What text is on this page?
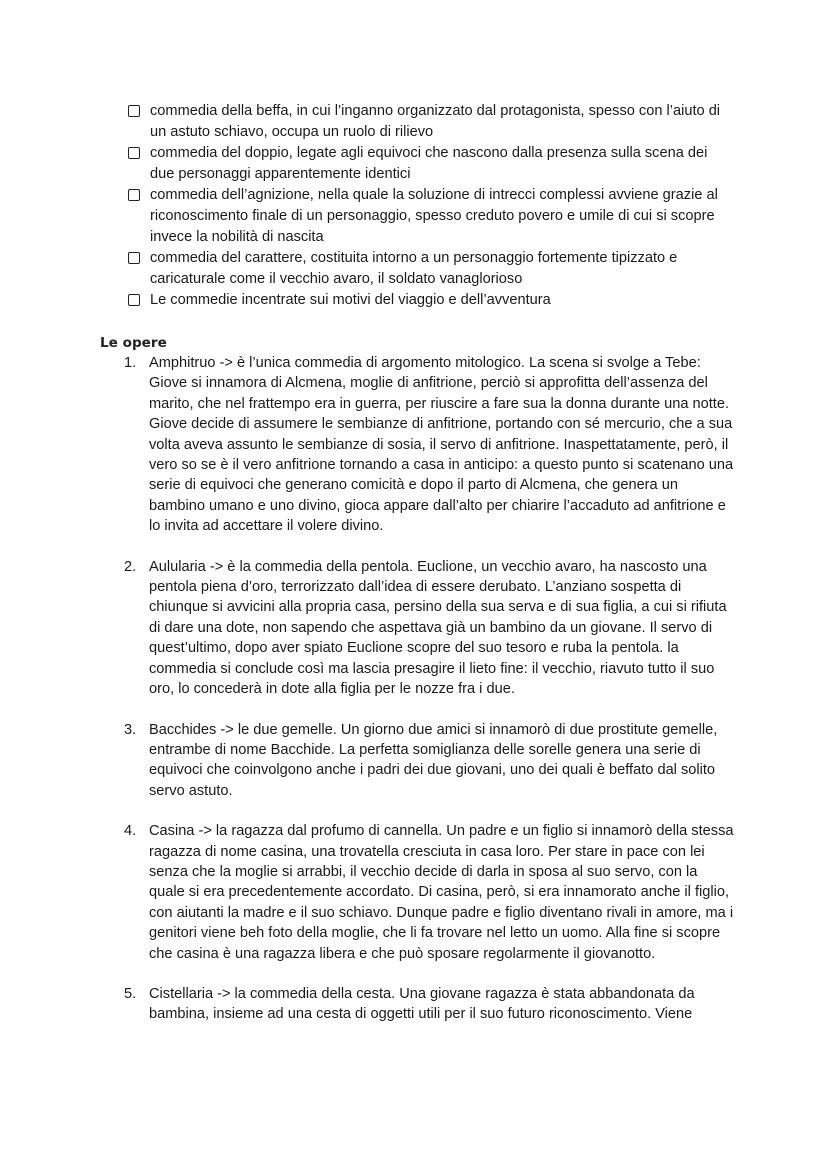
commedia della beffa, in cui l’inganno organizzato dal protagonista, spesso con l’aiuto di un astuto schiavo, occupa un ruolo di rilievo
commedia del doppio, legate agli equivoci che nascono dalla presenza sulla scena dei due personaggi apparentemente identici
commedia dell’agnizione, nella quale la soluzione di intrecci complessi avviene grazie al riconoscimento finale di un personaggio, spesso creduto povero e umile di cui si scopre invece la nobilità di nascita
commedia del carattere, costituita intorno a un personaggio fortemente tipizzato e caricaturale come il vecchio avaro, il soldato vanaglorioso
Le commedie incentrate sui motivi del viaggio e dell’avventura
Le opere
1. Amphitruo -> è l’unica commedia di argomento mitologico. La scena si svolge a Tebe: Giove si innamora di Alcmena, moglie di anfitrione, perciò si approfitta dell’assenza del marito, che nel frattempo era in guerra, per riuscire a fare sua la donna durante una notte. Giove decide di assumere le sembianze di anfitrione, portando con sé mercurio, che a sua volta aveva assunto le sembianze di sosia, il servo di anfitrione. Inaspettatamente, però, il vero so se è il vero anfitrione tornando a casa in anticipo: a questo punto si scatenano una serie di equivoci che generano comicità e dopo il parto di Alcmena, che genera un bambino umano e uno divino, gioca appare dall’alto per chiarire l’accaduto ad anfitrione e lo invita ad accettare il volere divino.
2. Aulularia -> è la commedia della pentola. Euclione, un vecchio avaro, ha nascosto una pentola piena d’oro, terrorizzato dall’idea di essere derubato. L’anziano sospetta di chiunque si avvicini alla propria casa, persino della sua serva e di sua figlia, a cui si rifiuta di dare una dote, non sapendo che aspettava già un bambino da un giovane. Il servo di quest’ultimo, dopo aver spiato Euclione scopre del suo tesoro e ruba la pentola. la commedia si conclude così ma lascia presagire il lieto fine: il vecchio, riavuto tutto il suo oro, lo concederà in dote alla figlia per le nozze fra i due.
3. Bacchides -> le due gemelle. Un giorno due amici si innamorò di due prostitute gemelle, entrambe di nome Bacchide. La perfetta somiglianza delle sorelle genera una serie di equivoci che coinvolgono anche i padri dei due giovani, uno dei quali è beffato dal solito servo astuto.
4. Casina -> la ragazza dal profumo di cannella. Un padre e un figlio si innamorò della stessa ragazza di nome casina, una trovatella cresciuta in casa loro. Per stare in pace con lei senza che la moglie si arrabbi, il vecchio decide di darla in sposa al suo servo, con la quale si era precedentemente accordato. Di casina, però, si era innamorato anche il figlio, con aiutanti la madre e il suo schiavo. Dunque padre e figlio diventano rivali in amore, ma i genitori viene beh foto della moglie, che li fa trovare nel letto un uomo. Alla fine si scopre che casina è una ragazza libera e che può sposare regolarmente il giovanotto.
5. Cistellaria -> la commedia della cesta. Una giovane ragazza è stata abbandonata da bambina, insieme ad una cesta di oggetti utili per il suo futuro riconoscimento. Viene
